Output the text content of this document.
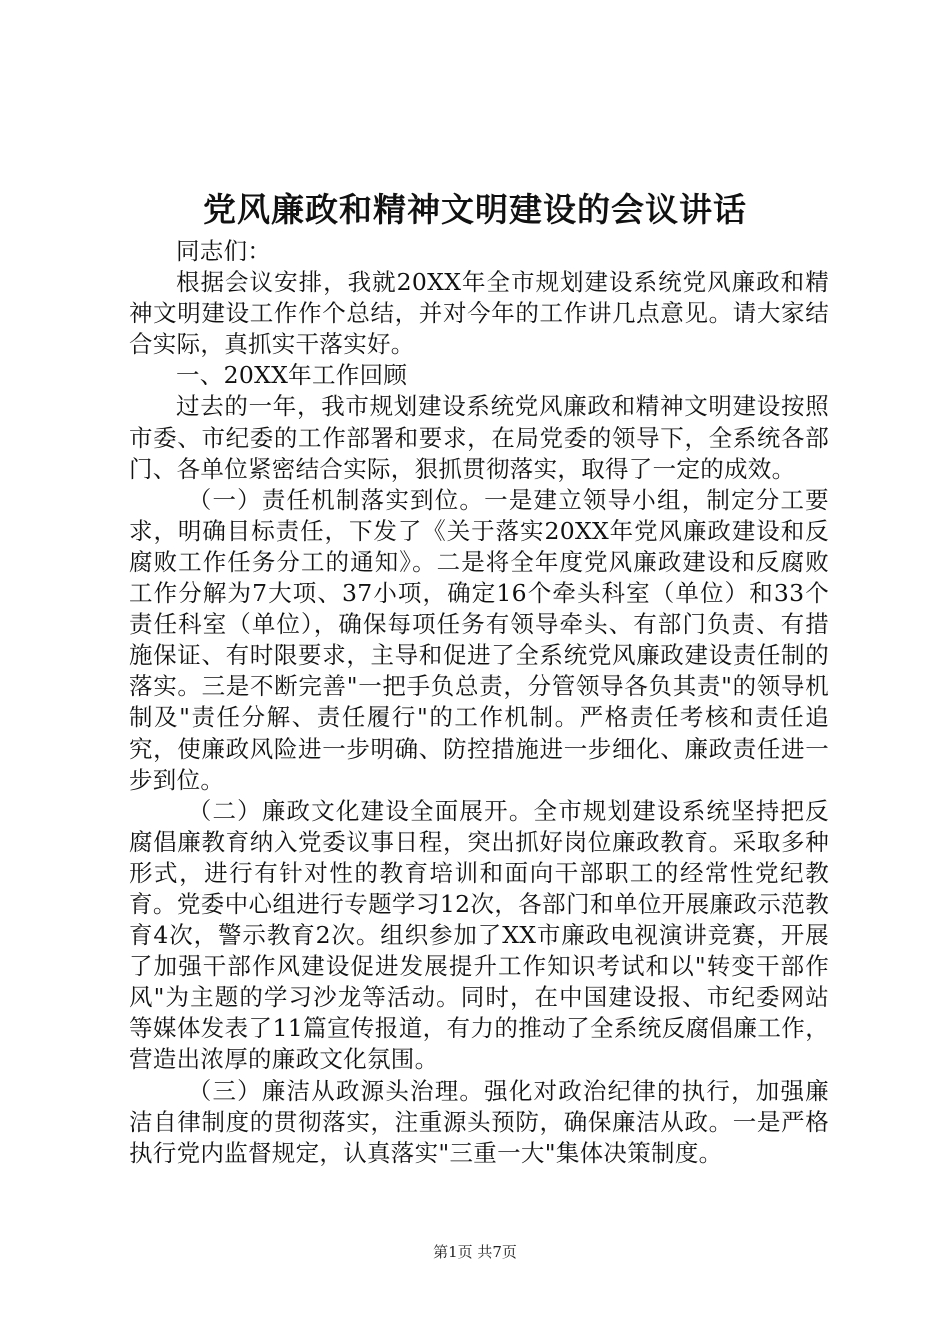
党风廉政和精神文明建设的会议讲话

同志们：

根据会议安排，我就20XX年全市规划建设系统党风廉政和精神文明建设工作作个总结，并对今年的工作讲几点意见。请大家结合实际，真抓实干落实好。

一、20XX年工作回顾

过去的一年，我市规划建设系统党风廉政和精神文明建设按照市委、市纪委的工作部署和要求，在局党委的领导下，全系统各部门、各单位紧密结合实际，狠抓贯彻落实，取得了一定的成效。

（一）责任机制落实到位。一是建立领导小组，制定分工要求，明确目标责任，下发了《关于落实20XX年党风廉政建设和反腐败工作任务分工的通知》。二是将全年度党风廉政建设和反腐败工作分解为7大项、37小项，确定16个牵头科室（单位）和33个责任科室（单位），确保每项任务有领导牵头、有部门负责、有措施保证、有时限要求，主导和促进了全系统党风廉政建设责任制的落实。三是不断完善"一把手负总责，分管领导各负其责"的领导机制及"责任分解、责任履行"的工作机制。严格责任考核和责任追究，使廉政风险进一步明确、防控措施进一步细化、廉政责任进一步到位。

（二）廉政文化建设全面展开。全市规划建设系统坚持把反腐倡廉教育纳入党委议事日程，突出抓好岗位廉政教育。采取多种形式，进行有针对性的教育培训和面向干部职工的经常性党纪教育。党委中心组进行专题学习12次，各部门和单位开展廉政示范教育4次，警示教育2次。组织参加了XX市廉政电视演讲竞赛，开展了加强干部作风建设促进发展提升工作知识考试和以"转变干部作风"为主题的学习沙龙等活动。同时，在中国建设报、市纪委网站等媒体发表了11篇宣传报道，有力的推动了全系统反腐倡廉工作，营造出浓厚的廉政文化氛围。

（三）廉洁从政源头治理。强化对政治纪律的执行，加强廉洁自律制度的贯彻落实，注重源头预防，确保廉洁从政。一是严格执行党内监督规定，认真落实"三重一大"集体决策制度。

第1页 共7页
